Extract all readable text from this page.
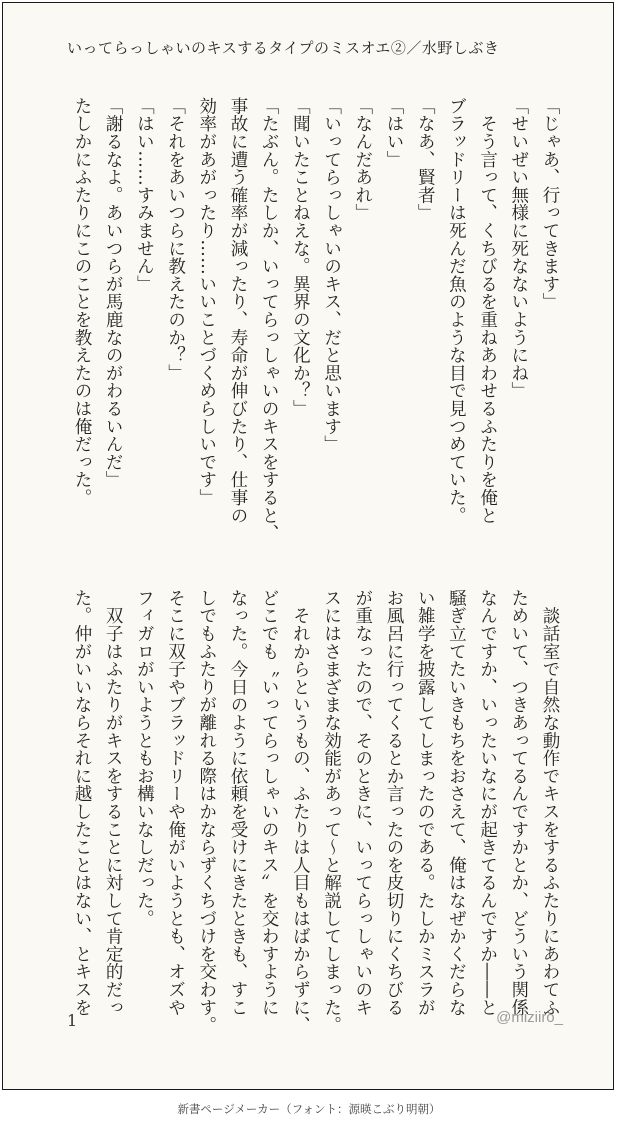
いってらっしゃいのキスするタイプのミスオエ②／水野しぶき
「じゃあ、行ってきます」
「せいぜい無様に死なないようにね」
　そう言って、くちびるを重ねあわせるふたりを俺と
ブラッドリーは死んだ魚のような目で見つめていた。
「なあ、賢者」
「はい」
「なんだあれ」
「いってらっしゃいのキス、だと思います」
「聞いたことねえな。異界の文化か？」
「たぶん。たしか、いってらっしゃいのキスをすると、
事故に遭う確率が減ったり、寿命が伸びたり、仕事の
効率があがったり……いいことづくめらしいです」
「それをあいつらに教えたのか？」
「はい……すみません」
「謝るなよ。あいつらが馬鹿なのがわるいんだ」
たしかにふたりにこのことを教えたのは俺だった。
　談話室で自然な動作でキスをするふたりにあわてふ
ためいて、つきあってるんですかとか、どういう関係
なんですか、いったいなにが起きてるんですか――と
騒ぎ立てたいきもちをおさえて、俺はなぜかくだらな
い雑学を披露してしまったのである。たしかミスラが
お風呂に行ってくるとか言ったのを皮切りにくちびる
が重なったので、そのときに、いってらっしゃいのキ
スにはさまざまな効能があって～と解説してしまった。
　それからというもの、ふたりは人目もはばからずに、
どこでも〝いってらっしゃいのキス〟を交わすように
なった。今日のように依頼を受けにきたときも、すこ
しでもふたりが離れる際はかならずくちづけを交わす。
そこに双子やブラッドリーや俺がいようとも、オズや
フィガロがいようともお構いなしだった。
　双子はふたりがキスをすることに対して肯定的だっ
た。仲がいいならそれに越したことはない、とキスを
1	@miziiro_
新書ページメーカー（フォント：源暎こぶり明朝）
